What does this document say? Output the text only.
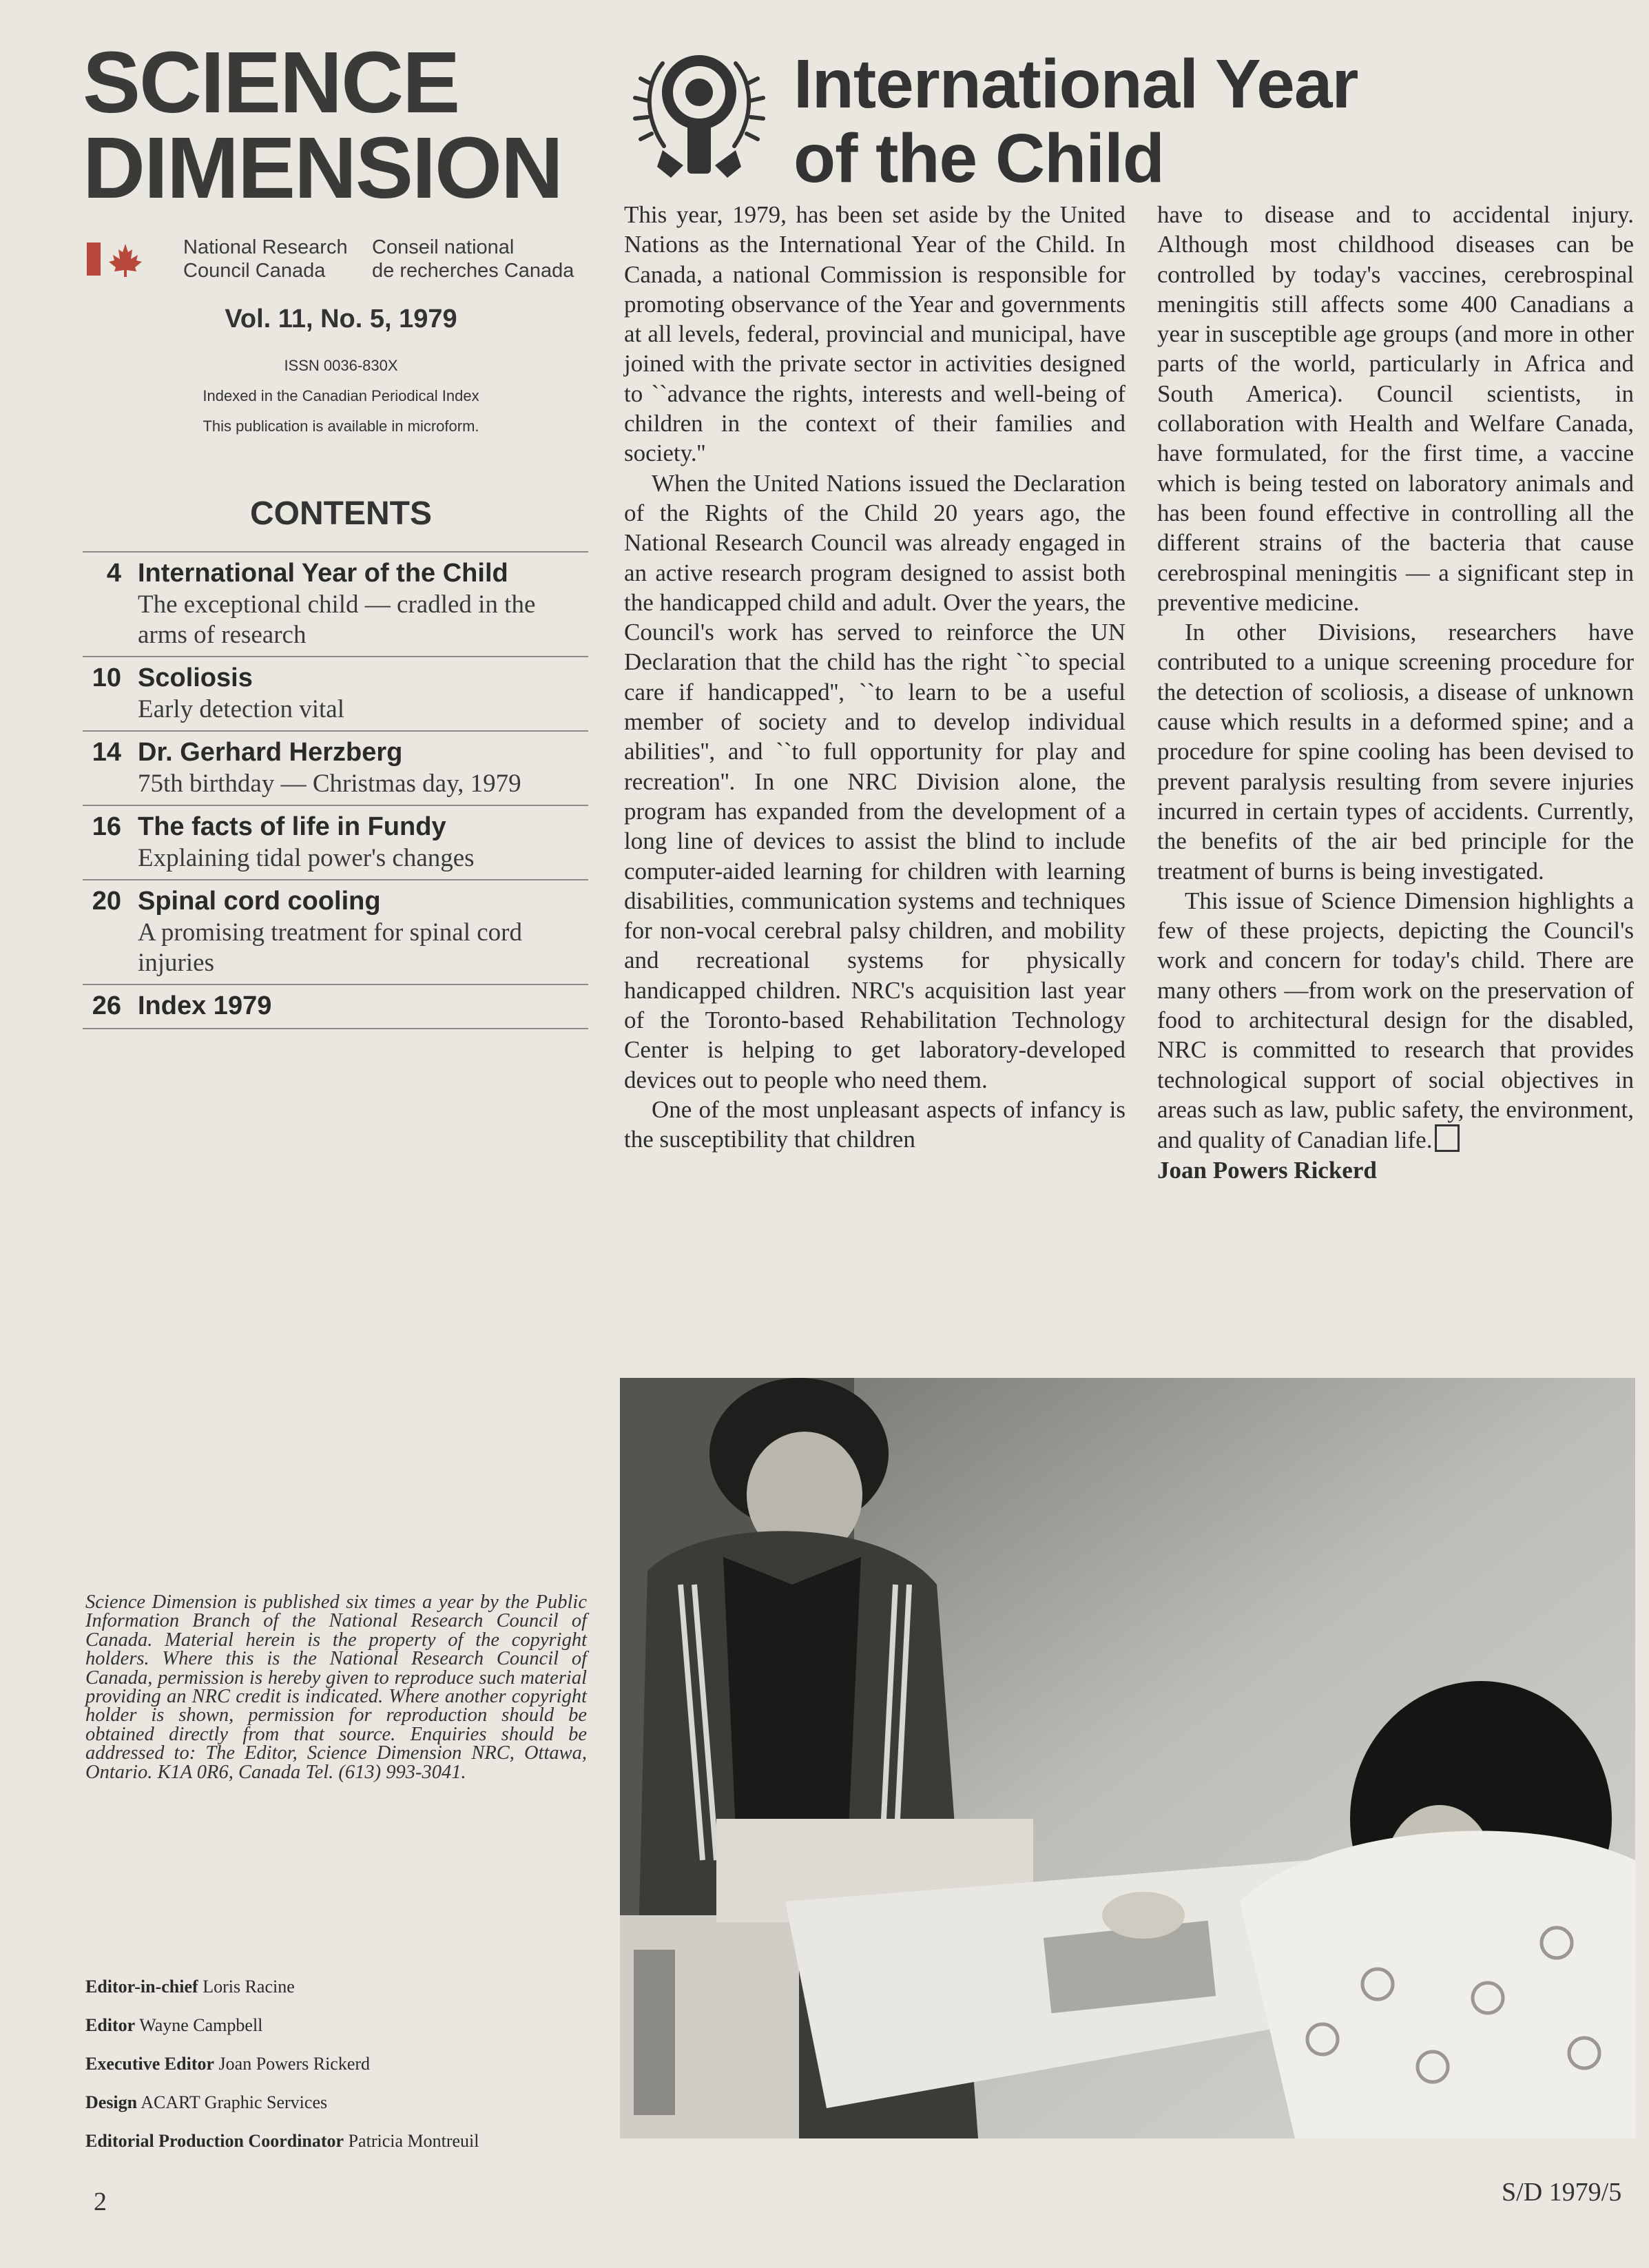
SCIENCE
DIMENSION
National Research
Council Canada
Conseil national
de recherches Canada
Vol. 11, No. 5, 1979
ISSN 0036-830X
Indexed in the Canadian Periodical Index
This publication is available in microform.
CONTENTS
4 International Year of the Child
The exceptional child — cradled in the arms of research
10 Scoliosis
Early detection vital
14 Dr. Gerhard Herzberg
75th birthday — Christmas day, 1979
16 The facts of life in Fundy
Explaining tidal power's changes
20 Spinal cord cooling
A promising treatment for spinal cord injuries
26 Index 1979
Science Dimension is published six times a year by the Public Information Branch of the National Research Council of Canada. Material herein is the property of the copyright holders. Where this is the National Research Council of Canada, permission is hereby given to reproduce such material providing an NRC credit is indicated. Where another copyright holder is shown, permission for reproduction should be obtained directly from that source. Enquiries should be addressed to: The Editor, Science Dimension NRC, Ottawa, Ontario. K1A 0R6, Canada Tel. (613) 993-3041.
Editor-in-chief Loris Racine
Editor Wayne Campbell
Executive Editor Joan Powers Rickerd
Design ACART Graphic Services
Editorial Production Coordinator Patricia Montreuil
International Year
of the Child

This year, 1979, has been set aside by the United Nations as the International Year of the Child. In Canada, a national Commission is responsible for promoting observance of the Year and governments at all levels, federal, provincial and municipal, have joined with the private sector in activities designed to ``advance the rights, interests and well-being of children in the context of their families and society.''

When the United Nations issued the Declaration of the Rights of the Child 20 years ago, the National Research Council was already engaged in an active research program designed to assist both the handicapped child and adult. Over the years, the Council's work has served to reinforce the UN Declaration that the child has the right ``to special care if handicapped'', ``to learn to be a useful member of society and to develop individual abilities'', and ``to full opportunity for play and recreation''. In one NRC Division alone, the program has expanded from the development of a long line of devices to assist the blind to include computer-aided learning for children with learning disabilities, communication systems and techniques for non-vocal cerebral palsy children, and mobility and recreational systems for physically handicapped children. NRC's acquisition last year of the Toronto-based Rehabilitation Technology Center is helping to get laboratory-developed devices out to people who need them.

One of the most unpleasant aspects of infancy is the susceptibility that children

have to disease and to accidental injury. Although most childhood diseases can be controlled by today's vaccines, cerebrospinal meningitis still affects some 400 Canadians a year in susceptible age groups (and more in other parts of the world, particularly in Africa and South America). Council scientists, in collaboration with Health and Welfare Canada, have formulated, for the first time, a vaccine which is being tested on laboratory animals and has been found effective in controlling all the different strains of the bacteria that cause cerebrospinal meningitis — a significant step in preventive medicine.

In other Divisions, researchers have contributed to a unique screening procedure for the detection of scoliosis, a disease of unknown cause which results in a deformed spine; and a procedure for spine cooling has been devised to prevent paralysis resulting from severe injuries incurred in certain types of accidents. Currently, the benefits of the air bed principle for the treatment of burns is being investigated.

This issue of Science Dimension highlights a few of these projects, depicting the Council's work and concern for today's child. There are many others —from work on the preservation of food to architectural design for the disabled, NRC is committed to research that provides technological support of social objectives in areas such as law, public safety, the environment, and quality of Canadian life.

Joan Powers Rickerd

2	S/D 1979/5
